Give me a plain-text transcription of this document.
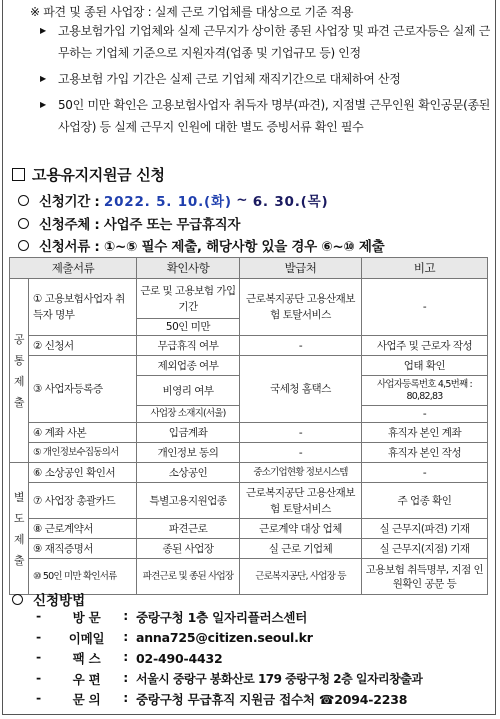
※ 파견 및 종된 사업장 : 실제 근로 기업체를 대상으로 기준 적용
▶	고용보험가입 기업체와 실제 근무지가 상이한 종된 사업장 및 파견 근로자등은 실제 근무하는 기업체 기준으로 지원자격(업종 및 기업규모 등) 인정
▶	고용보험 가입 기간은 실제 근로 기업체 재직기간으로 대체하여 산정
▶	50인 미만 확인은 고용보험사업자 취득자 명부(파견), 지점별 근무인원 확인공문(종된 사업장) 등 실제 근무지 인원에 대한 별도 증빙서류 확인 필수
고용유지지원금 신청
신청기간 :
2022. 5. 10.(화)
~
6. 30.(목)
신청주체 : 사업주 또는 무급휴직자
신청서류 : ①~⑤ 필수 제출, 해당사항 있을 경우 ⑥~⑩ 제출
제출서류		확인사항	발급처	비고
공통제출	① 고용보험사업자 취득자 명부	근로 및 고용보험 가입기간	근로복지공단 고용산재보험 토탈서비스	-

		50인 미만		
	② 신청서	무급휴직 여부	-	사업주 및 근로자 작성
	③ 사업자등록증	제외업종 여부	국세청 홈택스	업태 확인
		비영리 여부		사업자등록번호 4,5번째 : 80,82,83
		사업장 소재지(서울)		-
	④ 계좌 사본	입금계좌	-	휴직자 본인 계좌
	⑤ 개인정보수집동의서	개인정보 동의	-	휴직자 본인 작성

별도제출	⑥ 소상공인 확인서	소상공인	중소기업현황 정보시스템	-
	⑦ 사업장 총괄카드	특별고용지원업종	근로복지공단 고용산재보험 토탈서비스	주 업종 확인
	⑧ 근로계약서	파견근로	근로계약 대상 업체	실 근무지(파견) 기재
	⑨ 재직증명서	종된 사업장	실 근로 기업체	실 근무지(지점) 기재
	⑩ 50인 미만 확인서류	파견근로 및 종된 사업장	근로복지공단, 사업장 등	고용보험 취득명부, 지점 인원확인 공문 등
신청방법
-	방 문	: 중랑구청 1층 일자리플러스센터
-	이메일	: anna725@citizen.seoul.kr
-	팩 스	: 02-490-4432
-	우 편	: 서울시 중랑구 봉화산로 179 중랑구청 2층 일자리창출과
-	문 의	: 중랑구청 무급휴직 지원금 접수처 ☎2094-2238
